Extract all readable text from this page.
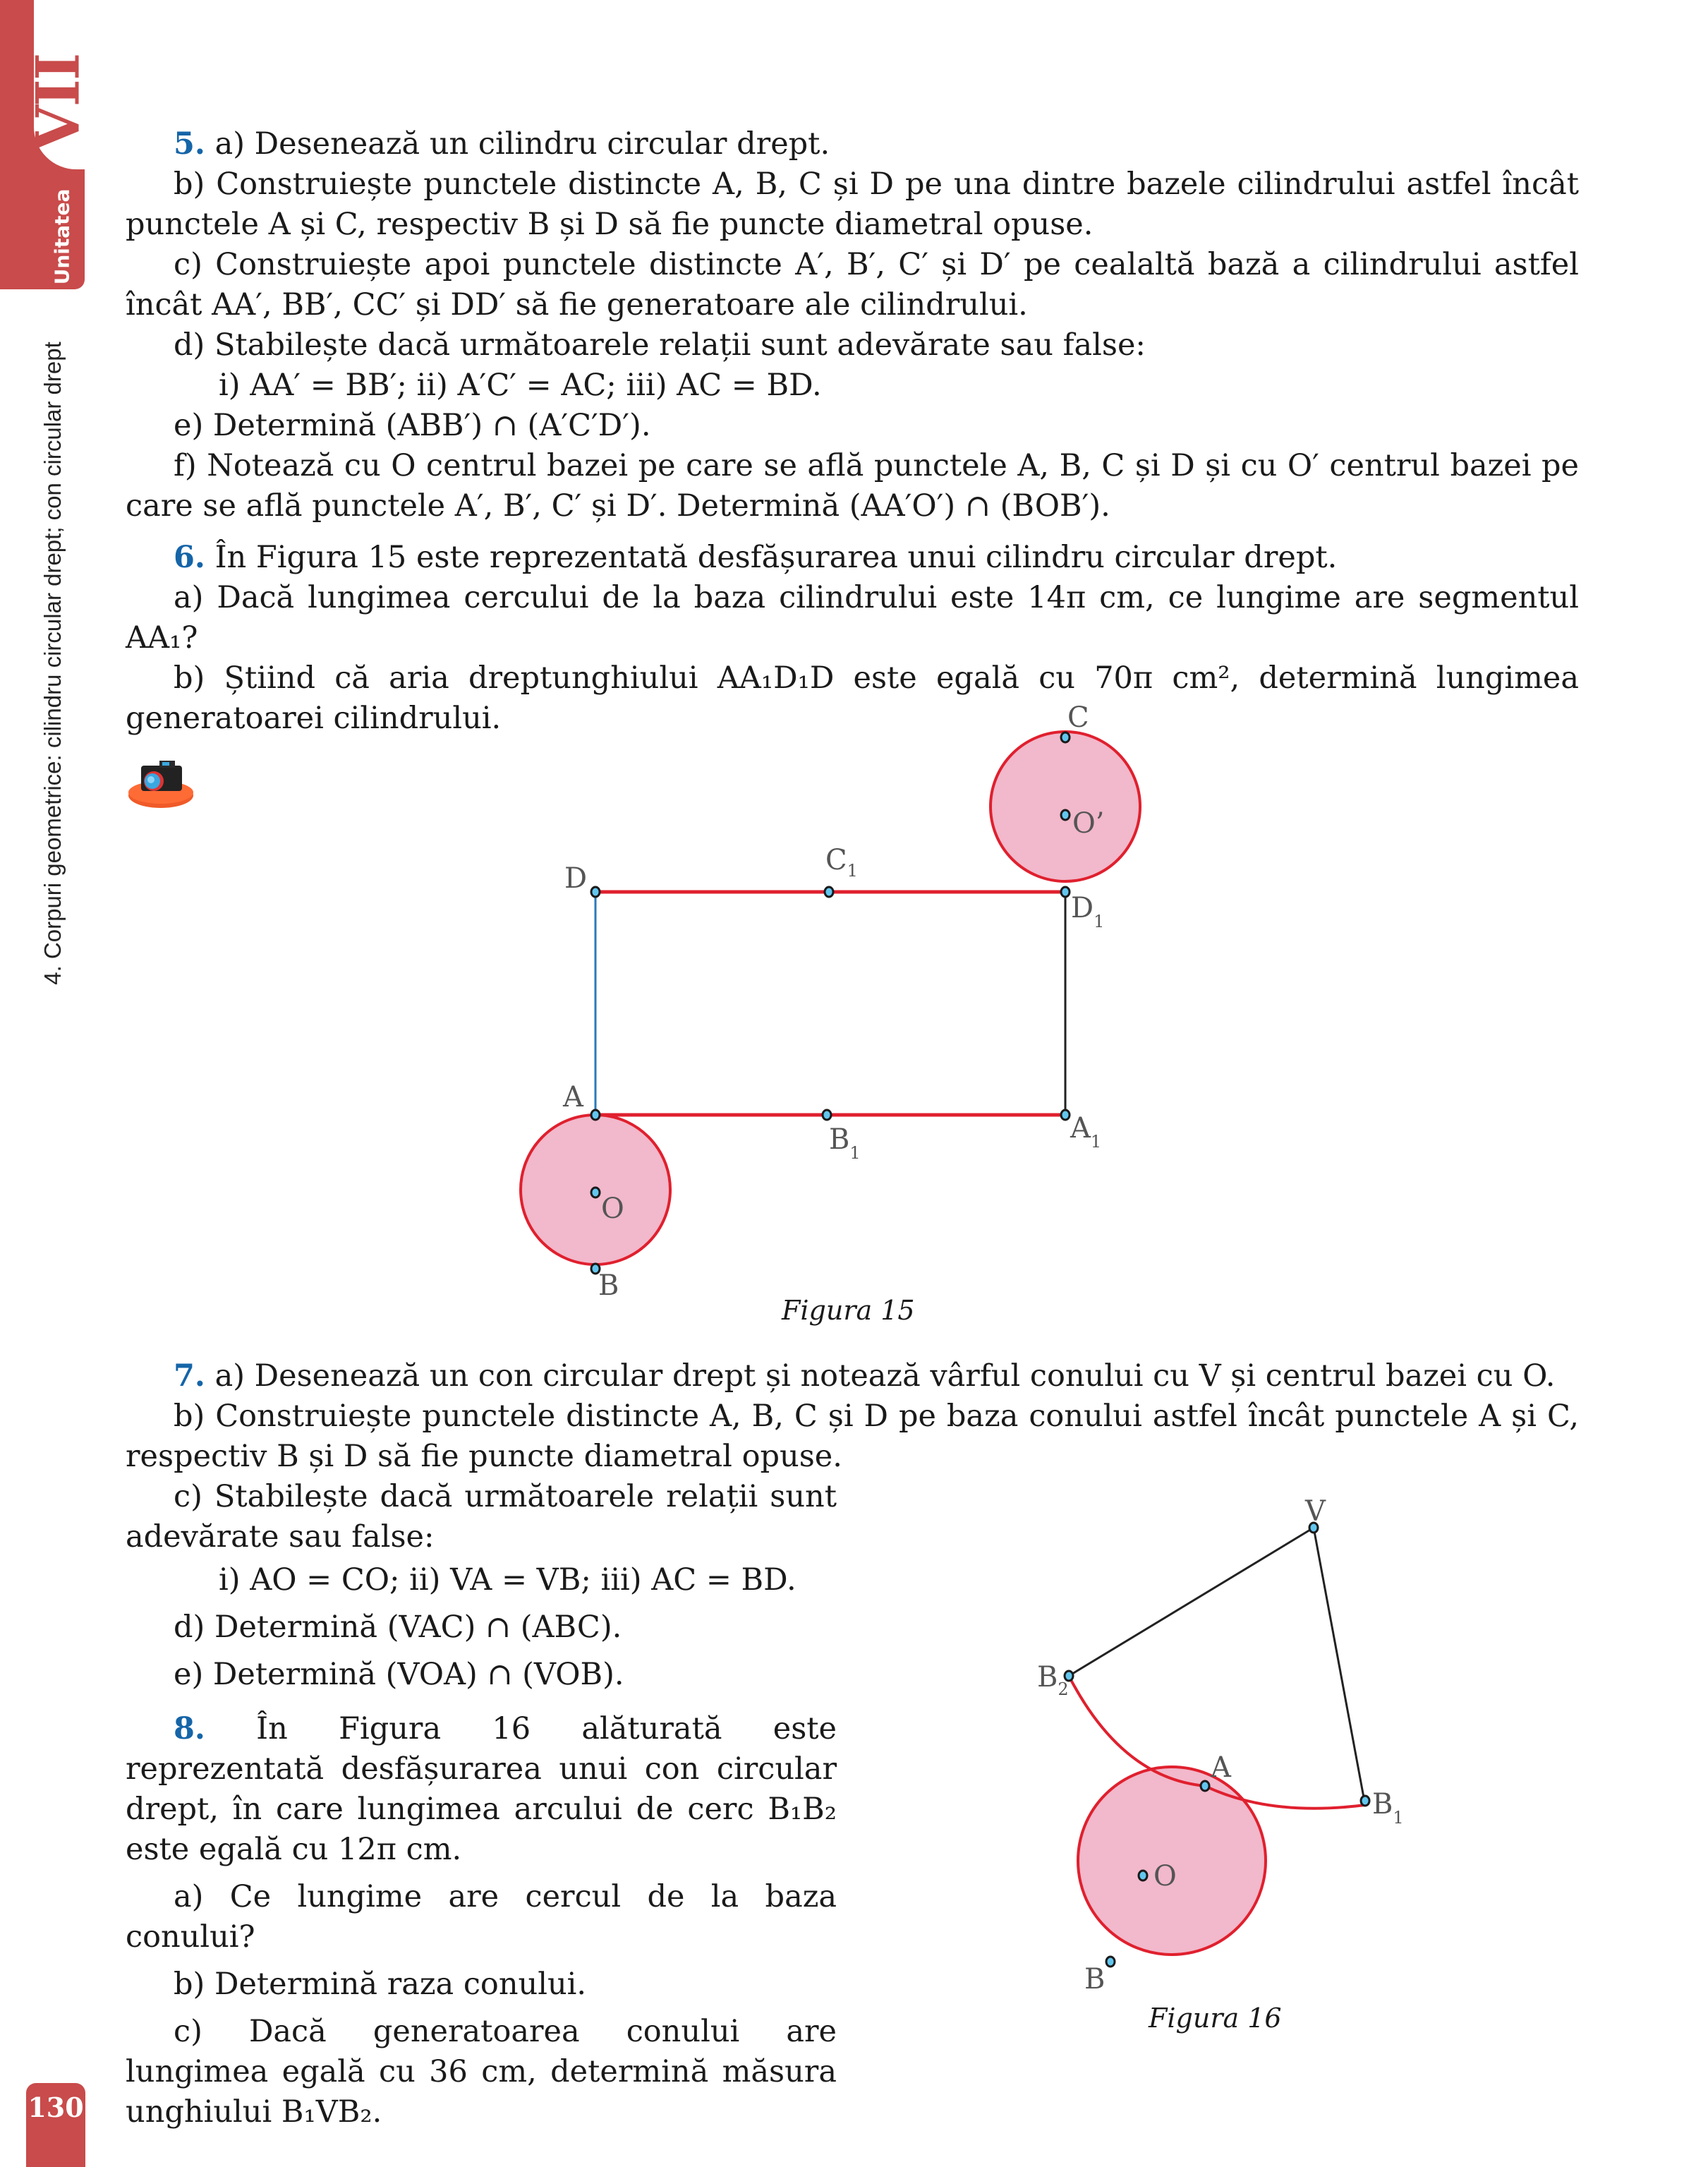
VII
Unitatea
4. Corpuri geometrice: cilindru circular drept; con circular drept

5. a) Desenează un cilindru circular drept.

b) Construiește punctele distincte A, B, C și D pe una dintre bazele cilindrului astfel încât punctele A și C, respectiv B și D să fie puncte diametral opuse.

c) Construiește apoi punctele distincte A′, B′, C′ și D′ pe cealaltă bază a cilindrului astfel încât AA′, BB′, CC′ și DD′ să fie generatoare ale cilindrului.

d) Stabilește dacă următoarele relații sunt adevărate sau false:

i) AA′ = BB′; ii) A′C′ = AC; iii) AC = BD.

e) Determină (ABB′) ∩ (A′C′D′).

f) Notează cu O centrul bazei pe care se află punctele A, B, C și D și cu O′ centrul bazei pe care se află punctele A′, B′, C′ și D′. Determină (AA′O′) ∩ (BOB′).

6. În Figura 15 este reprezentată desfășurarea unui cilindru circular drept.

a) Dacă lungimea cercului de la baza cilindrului este 14π cm, ce lungime are segmentul AA₁?

b) Știind că aria dreptunghiului AA₁D₁D este egală cu 70π cm², determină lungimea generatoarei cilindrului.	C
O’
D
$C_1$
$D_1$
A
$B_1$
$A_1$
O
B
Figura 15

7. a) Desenează un con circular drept și notează vârful conului cu V și centrul bazei cu O.

b) Construiește punctele distincte A, B, C și D pe baza conului astfel încât punctele A și C, respectiv B și D să fie puncte diametral opuse.

c) Stabilește dacă următoarele relații sunt adevărate sau false:

i) AO = CO; ii) VA = VB; iii) AC = BD.

d) Determină (VAC) ∩ (ABC).

e) Determină (VOA) ∩ (VOB).

8. În Figura 16 alăturată este reprezentată desfășurarea unui con circular drept, în care lungimea arcului de cerc B₁B₂ este egală cu 12π cm.

a) Ce lungime are cercul de la baza conului?

b) Determină raza conului.

c) Dacă generatoarea conului are lungimea egală cu 36 cm, determină măsura unghiului B₁VB₂.

V
$B_2$
A
$B_1$
O
B
Figura 16
130
